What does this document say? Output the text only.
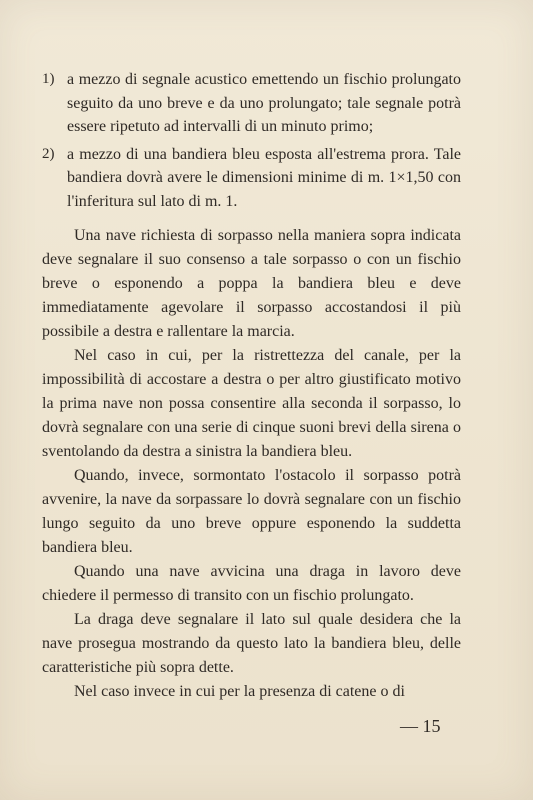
1) a mezzo di segnale acustico emettendo un fischio prolungato seguito da uno breve e da uno prolungato; tale segnale potrà essere ripetuto ad intervalli di un minuto primo;
2) a mezzo di una bandiera bleu esposta all'estrema prora. Tale bandiera dovrà avere le dimensioni minime di m. 1×1,50 con l'inferitura sul lato di m. 1.

Una nave richiesta di sorpasso nella maniera sopra indicata deve segnalare il suo consenso a tale sorpasso o con un fischio breve o esponendo a poppa la bandiera bleu e deve immediatamente agevolare il sorpasso accostandosi il più possibile a destra e rallentare la marcia.

Nel caso in cui, per la ristrettezza del canale, per la impossibilità di accostare a destra o per altro giustificato motivo la prima nave non possa consentire alla seconda il sorpasso, lo dovrà segnalare con una serie di cinque suoni brevi della sirena o sventolando da destra a sinistra la bandiera bleu.

Quando, invece, sormontato l'ostacolo il sorpasso potrà avvenire, la nave da sorpassare lo dovrà segnalare con un fischio lungo seguito da uno breve oppure esponendo la suddetta bandiera bleu.

Quando una nave avvicina una draga in lavoro deve chiedere il permesso di transito con un fischio prolungato.

La draga deve segnalare il lato sul quale desidera che la nave prosegua mostrando da questo lato la bandiera bleu, delle caratteristiche più sopra dette.

Nel caso invece in cui per la presenza di catene o di

— 15
